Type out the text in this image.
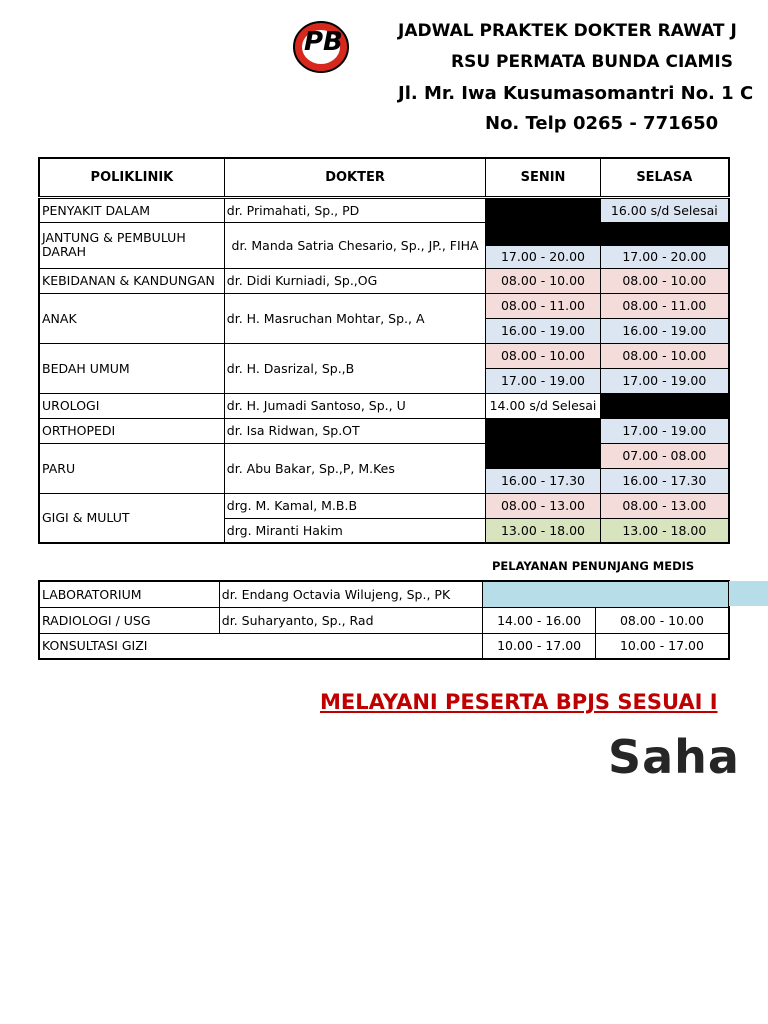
PB	JADWAL PRAKTEK DOKTER RAWAT J
RSU PERMATA BUNDA CIAMIS
Jl. Mr. Iwa Kusumasomantri No. 1 C
No. Telp 0265 - 771650
POLIKLINIK	DOKTER	SENIN	SELASA
PENYAKIT DALAM	dr. Primahati, Sp., PD		16.00 s/d Selesai
JANTUNG & PEMBULUH DARAH	dr. Manda Satria Chesario, Sp., JP., FIHA		
		17.00 - 20.00	17.00 - 20.00
KEBIDANAN & KANDUNGAN	dr. Didi Kurniadi, Sp.,OG	08.00 - 10.00	08.00 - 10.00
ANAK	dr. H. Masruchan Mohtar, Sp., A	08.00 - 11.00	08.00 - 11.00
		16.00 - 19.00	16.00 - 19.00
BEDAH UMUM	dr. H. Dasrizal, Sp.,B	08.00 - 10.00	08.00 - 10.00
		17.00 - 19.00	17.00 - 19.00
UROLOGI	dr. H. Jumadi Santoso, Sp., U	14.00 s/d Selesai	
ORTHOPEDI	dr. Isa Ridwan, Sp.OT		17.00 - 19.00
PARU	dr. Abu Bakar, Sp.,P, M.Kes		07.00 - 08.00
		16.00 - 17.30	16.00 - 17.30
GIGI & MULUT	drg. M. Kamal, M.B.B	08.00 - 13.00	08.00 - 13.00
	drg. Miranti Hakim	13.00 - 18.00	13.00 - 18.00
PELAYANAN PENUNJANG MEDIS
LABORATORIUM	dr. Endang Octavia Wilujeng, Sp., PK		
RADIOLOGI / USG	dr. Suharyanto, Sp., Rad	14.00 - 16.00	08.00 - 10.00
KONSULTASI GIZI		10.00 - 17.00	10.00 - 17.00
MELAYANI PESERTA BPJS SESUAI I
Saha
